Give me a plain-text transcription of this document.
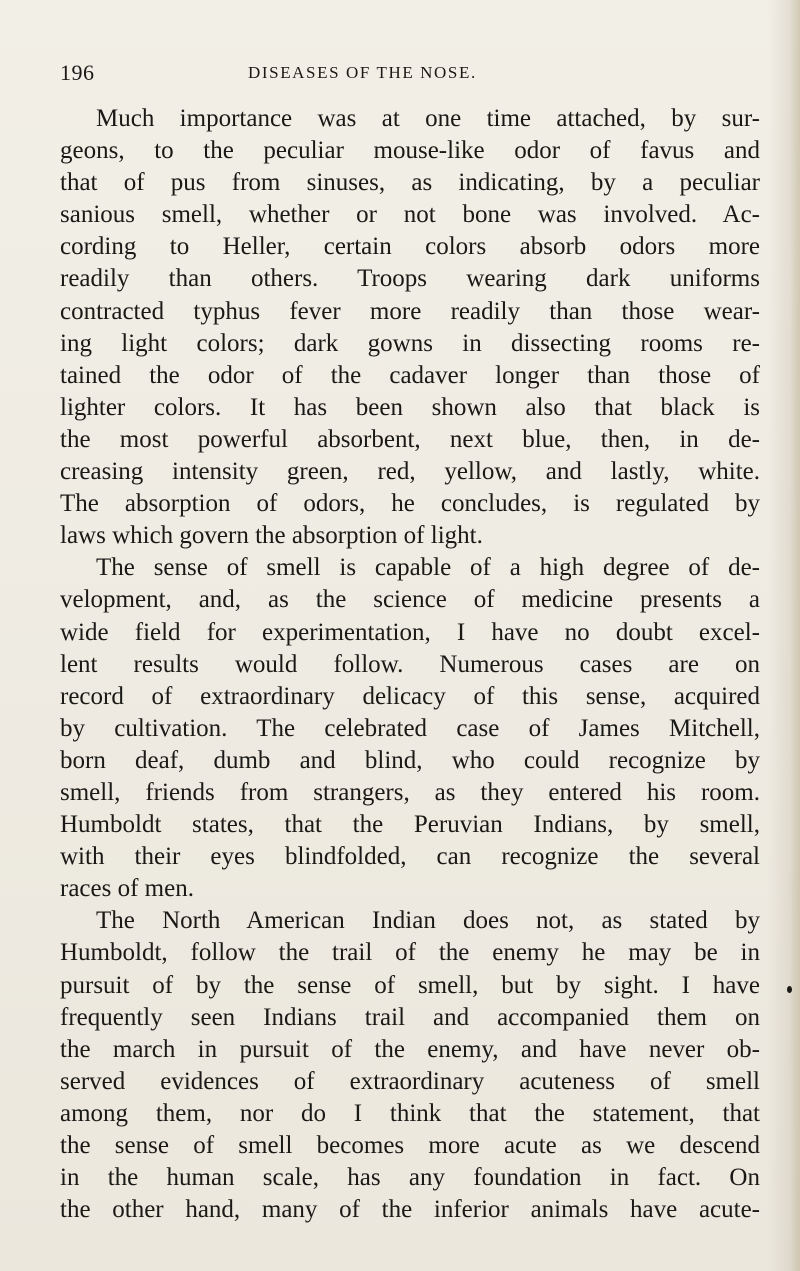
196	DISEASES OF THE NOSE.
Much importance was at one time attached, by sur-
geons, to the peculiar mouse-like odor of favus and
that of pus from sinuses, as indicating, by a peculiar
sanious smell, whether or not bone was involved. Ac-
cording to Heller, certain colors absorb odors more
readily than others. Troops wearing dark uniforms
contracted typhus fever more readily than those wear-
ing light colors; dark gowns in dissecting rooms re-
tained the odor of the cadaver longer than those of
lighter colors. It has been shown also that black is
the most powerful absorbent, next blue, then, in de-
creasing intensity green, red, yellow, and lastly, white.
The absorption of odors, he concludes, is regulated by
laws which govern the absorption of light.
The sense of smell is capable of a high degree of de-
velopment, and, as the science of medicine presents a
wide field for experimentation, I have no doubt excel-
lent results would follow. Numerous cases are on
record of extraordinary delicacy of this sense, acquired
by cultivation. The celebrated case of James Mitchell,
born deaf, dumb and blind, who could recognize by
smell, friends from strangers, as they entered his room.
Humboldt states, that the Peruvian Indians, by smell,
with their eyes blindfolded, can recognize the several
races of men.
The North American Indian does not, as stated by
Humboldt, follow the trail of the enemy he may be in
pursuit of by the sense of smell, but by sight. I have
frequently seen Indians trail and accompanied them on
the march in pursuit of the enemy, and have never ob-
served evidences of extraordinary acuteness of smell
among them, nor do I think that the statement, that
the sense of smell becomes more acute as we descend
in the human scale, has any foundation in fact. On
the other hand, many of the inferior animals have acute-
